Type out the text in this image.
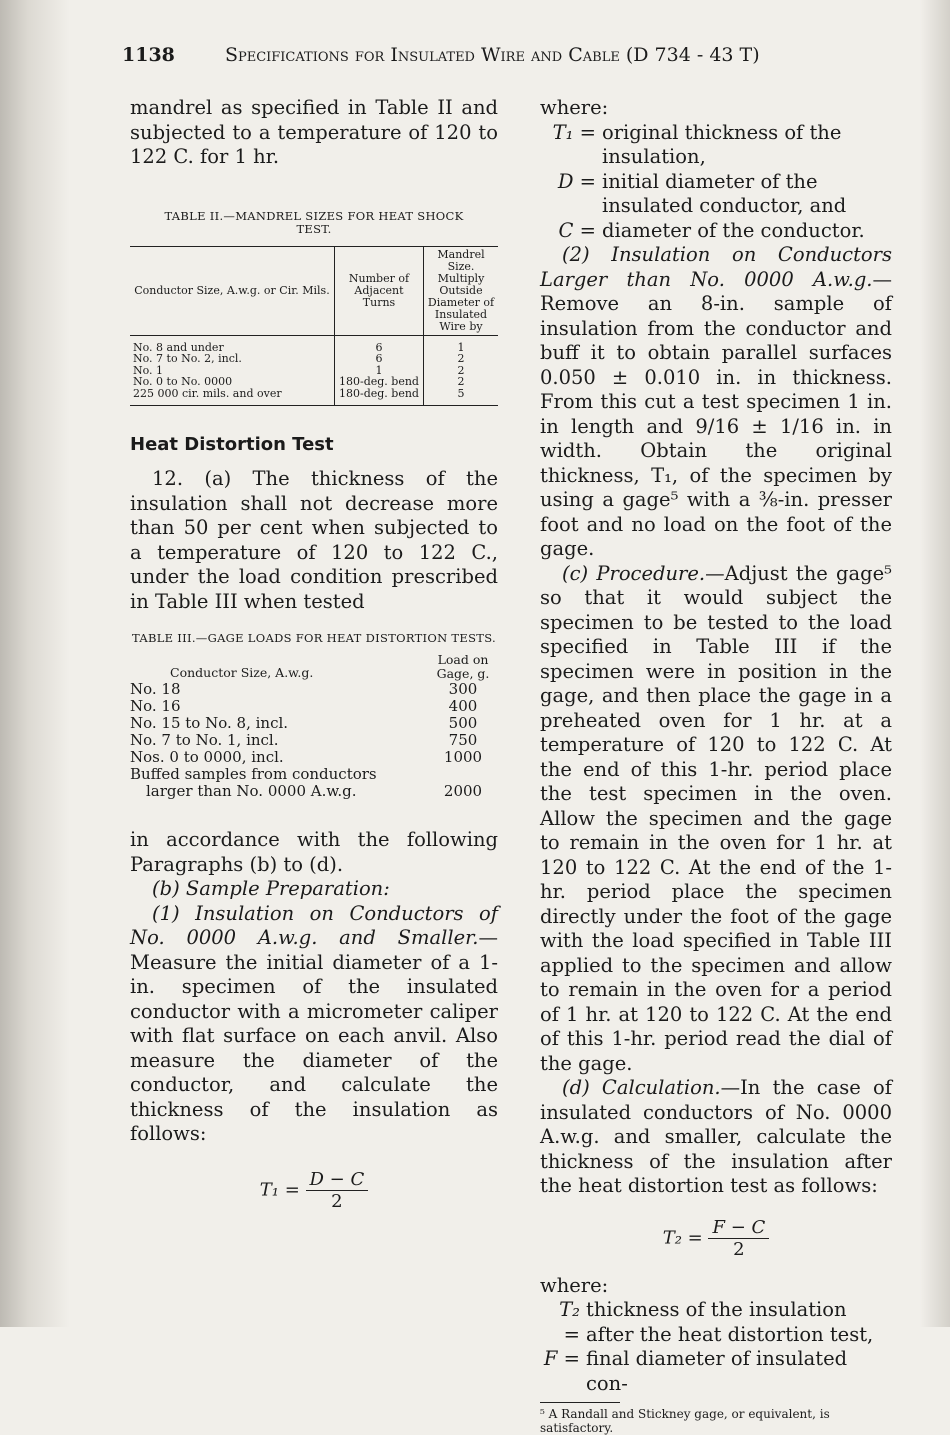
1138	Specifications for Insulated Wire and Cable (D 734 - 43 T)

mandrel as specified in Table II and subjected to a temperature of 120 to 122 C. for 1 hr.

TABLE II.—MANDREL SIZES FOR HEAT SHOCK TEST.
Conductor Size, A.w.g. or Cir. Mils.	Number of Adjacent Turns	Mandrel Size. Multiply Outside Diameter of Insulated Wire by
No. 8 and under	6	1
No. 7 to No. 2, incl.	6	2
No. 1	1	2
No. 0 to No. 0000	180-deg. bend	2
225 000 cir. mils. and over	180-deg. bend	5
Heat Distortion Test

12. (a) The thickness of the insulation shall not decrease more than 50 per cent when subjected to a temperature of 120 to 122 C., under the load condition prescribed in Table III when tested

TABLE III.—GAGE LOADS FOR HEAT DISTORTION TESTS.
Conductor Size, A.w.g.	Load on Gage, g.
No. 18	300
No. 16	400
No. 15 to No. 8, incl.	500
No. 7 to No. 1, incl.	750
Nos. 0 to 0000, incl.	1000
Buffed samples from conductors	
larger than No. 0000 A.w.g.	2000

in accordance with the following Paragraphs (b) to (d).

(b) Sample Preparation:

(1) Insulation on Conductors of No. 0000 A.w.g. and Smaller.—Measure the initial diameter of a 1-in. specimen of the insulated conductor with a micrometer caliper with flat surface on each anvil. Also measure the diameter of the conductor, and calculate the thickness of the insulation as follows:

$T_1 = \frac{D - C}{2}$

where:

T₁ = original thickness of the insulation,
D = initial diameter of the insulated conductor, and
C = diameter of the conductor.

(2) Insulation on Conductors Larger than No. 0000 A.w.g.—Remove an 8-in. sample of insulation from the conductor and buff it to obtain parallel surfaces 0.050 ± 0.010 in. in thickness. From this cut a test specimen 1 in. in length and 9/16 ± 1/16 in. in width. Obtain the original thickness, T₁, of the specimen by using a gage⁵ with a ⅜-in. presser foot and no load on the foot of the gage.

(c) Procedure.—Adjust the gage⁵ so that it would subject the specimen to be tested to the load specified in Table III if the specimen were in position in the gage, and then place the gage in a preheated oven for 1 hr. at a temperature of 120 to 122 C. At the end of this 1-hr. period place the test specimen in the oven. Allow the specimen and the gage to remain in the oven for 1 hr. at 120 to 122 C. At the end of the 1-hr. period place the specimen directly under the foot of the gage with the load specified in Table III applied to the specimen and allow to remain in the oven for a period of 1 hr. at 120 to 122 C. At the end of this 1-hr. period read the dial of the gage.

(d) Calculation.—In the case of insulated conductors of No. 0000 A.w.g. and smaller, calculate the thickness of the insulation after the heat distortion test as follows:

$T_2 = \frac{F - C}{2}$

where:

T₂ =
thickness of the insulation after the heat distortion test,
F = final diameter of insulated con-
⁵ A Randall and Stickney gage, or equivalent, is satisfactory.
